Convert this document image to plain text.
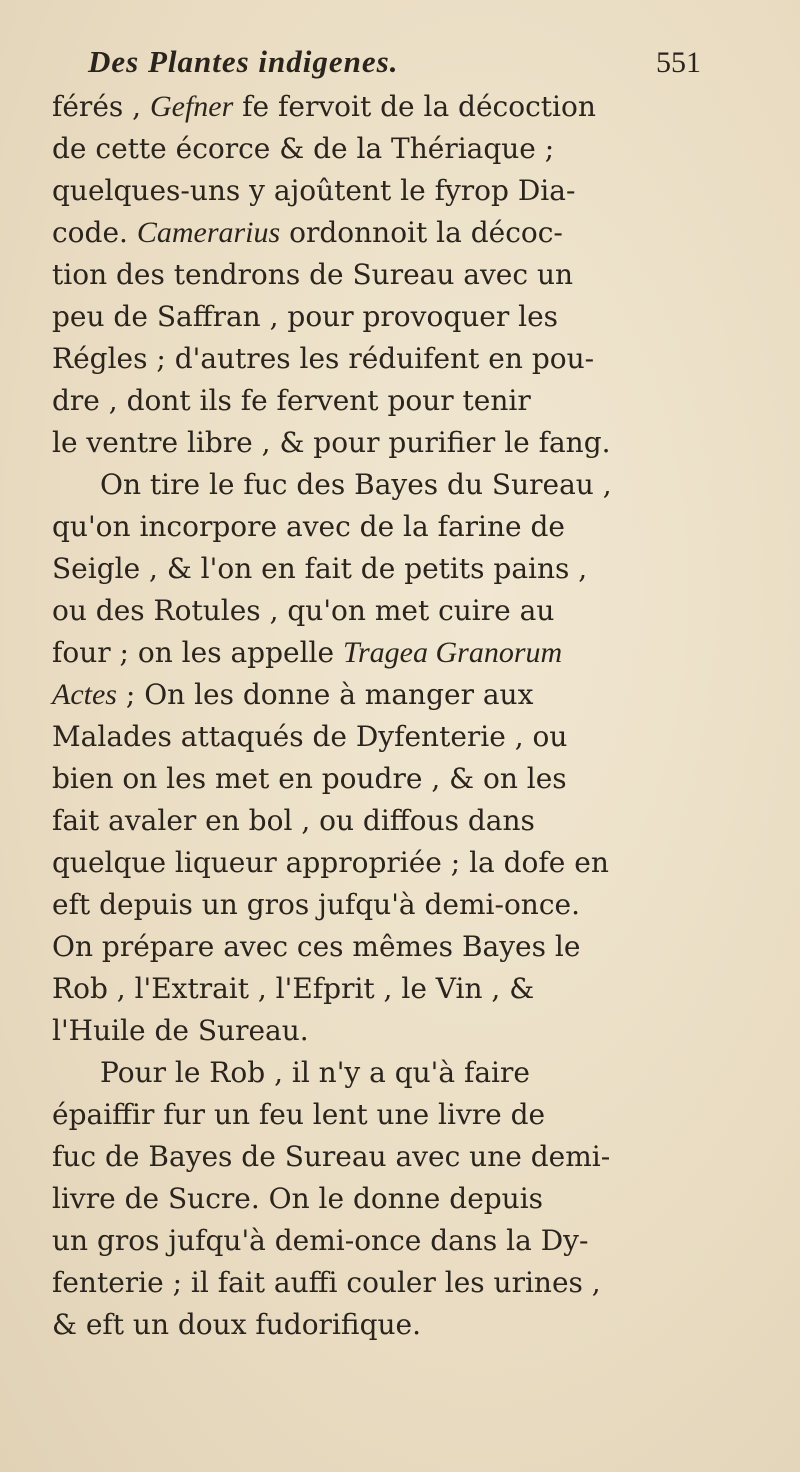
Des Plantes indigenes.	551
férés , Gefner fe fervoit de la décoction
de cette écorce & de la Thériaque ;
quelques-uns y ajoûtent le fyrop Dia-
code. Camerarius ordonnoit la décoc-
tion des tendrons de Sureau avec un
peu de Saffran , pour provoquer les
Régles ; d'autres les réduifent en pou-
dre , dont ils fe fervent pour tenir
le ventre libre , & pour purifier le fang.
On tire le fuc des Bayes du Sureau ,
qu'on incorpore avec de la farine de
Seigle , & l'on en fait de petits pains ,
ou des Rotules , qu'on met cuire au
four ; on les appelle Tragea Granorum
Actes ; On les donne à manger aux
Malades attaqués de Dyfenterie , ou
bien on les met en poudre , & on les
fait avaler en bol , ou diffous dans
quelque liqueur appropriée ; la dofe en
eft depuis un gros jufqu'à demi-once.
On prépare avec ces mêmes Bayes le
Rob , l'Extrait , l'Efprit , le Vin , &
l'Huile de Sureau.
Pour le Rob , il n'y a qu'à faire
épaiffir fur un feu lent une livre de
fuc de Bayes de Sureau avec une demi-
livre de Sucre. On le donne depuis
un gros jufqu'à demi-once dans la Dy-
fenterie ; il fait auffi couler les urines ,
& eft un doux fudorifique.
